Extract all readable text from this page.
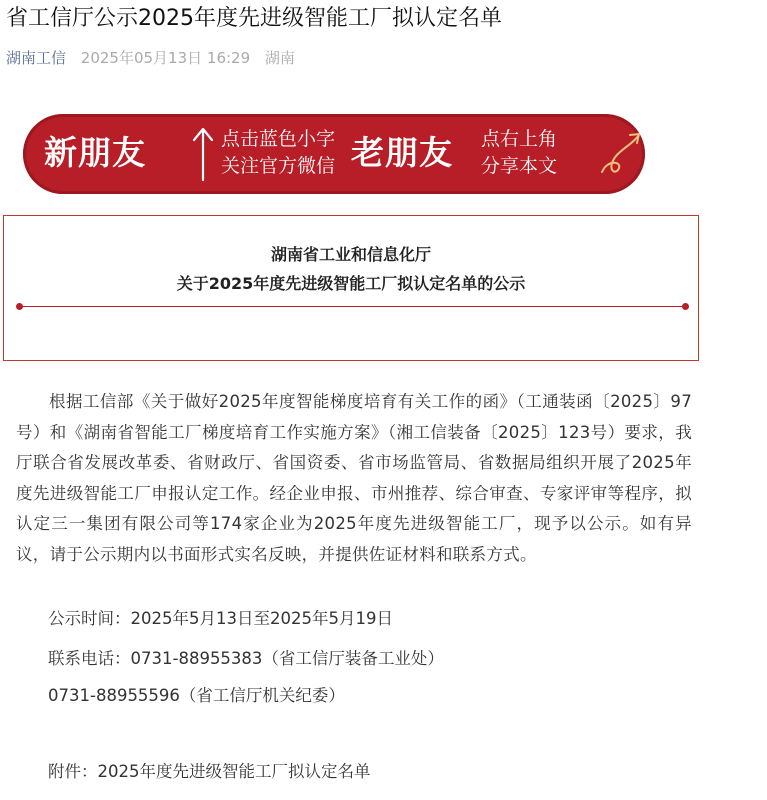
省工信厅公示2025年度先进级智能工厂拟认定名单
湖南工信 2025年05月13日 16:29 湖南
新朋友	点击蓝色小字
关注官方微信 老朋友 点右上角
分享本文
湖南省工业和信息化厅
关于2025年度先进级智能工厂拟认定名单的公示
根据工信部《关于做好2025年度智能梯度培育有关工作的函》（工通装函〔2025〕97号）和《湖南省智能工厂梯度培育工作实施方案》（湘工信装备〔2025〕123号）要求，我厅联合省发展改革委、省财政厅、省国资委、省市场监管局、省数据局组织开展了2025年度先进级智能工厂申报认定工作。经企业申报、市州推荐、综合审查、专家评审等程序，拟认定三一集团有限公司等174家企业为2025年度先进级智能工厂，现予以公示。如有异议，请于公示期内以书面形式实名反映，并提供佐证材料和联系方式。
公示时间：2025年5月13日至2025年5月19日
联系电话：0731-88955383（省工信厅装备工业处）
0731-88955596（省工信厅机关纪委）
附件：2025年度先进级智能工厂拟认定名单
